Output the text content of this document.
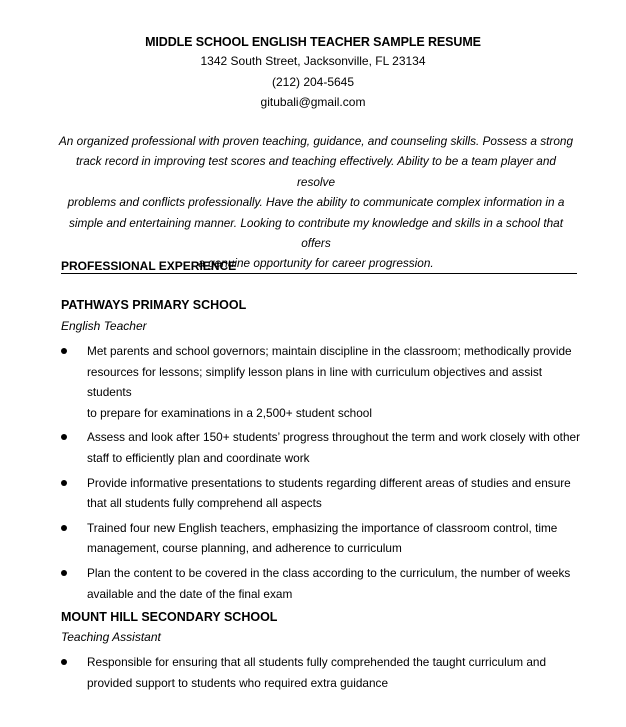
MIDDLE SCHOOL ENGLISH TEACHER SAMPLE RESUME
1342 South Street, Jacksonville, FL 23134
(212) 204-5645
gitubali@gmail.com
An organized professional with proven teaching, guidance, and counseling skills. Possess a strong
track record in improving test scores and teaching effectively. Ability to be a team player and resolve
problems and conflicts professionally. Have the ability to communicate complex information in a
simple and entertaining manner. Looking to contribute my knowledge and skills in a school that offers
a genuine opportunity for career progression.
PROFESSIONAL EXPERIENCE
PATHWAYS PRIMARY SCHOOL
English Teacher
Met parents and school governors; maintain discipline in the classroom; methodically provide
resources for lessons; simplify lesson plans in line with curriculum objectives and assist students
to prepare for examinations in a 2,500+ student school
Assess and look after 150+ students’ progress throughout the term and work closely with other
staff to efficiently plan and coordinate work
Provide informative presentations to students regarding different areas of studies and ensure
that all students fully comprehend all aspects
Trained four new English teachers, emphasizing the importance of classroom control, time
management, course planning, and adherence to curriculum
Plan the content to be covered in the class according to the curriculum, the number of weeks
available and the date of the final exam
MOUNT HILL SECONDARY SCHOOL
Teaching Assistant
Responsible for ensuring that all students fully comprehended the taught curriculum and
provided support to students who required extra guidance
